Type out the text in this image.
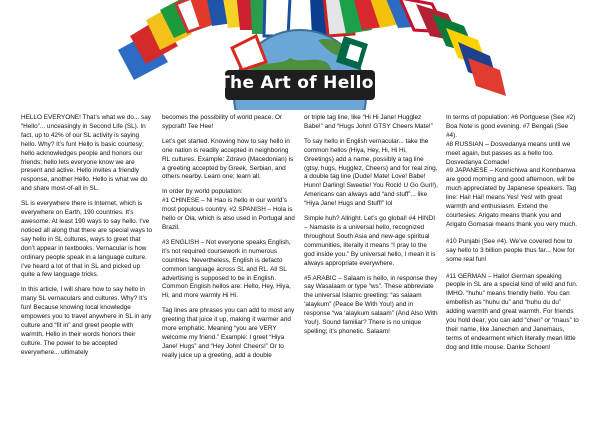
The Art of Hello!

HELLO EVERYONE! That’s what we do... say “Hello”... unceasingly in Second Life (SL). In fact, up to 42% of our SL activity is saying hello. Why? It’s fun! Hello is basic courtesy; hello acknowledges people and honors our friends; hello lets everyone know we are present and active. Hello invites a friendly response, another Hello. Hello is what we do and share most-of-all in SL.

SL is everywhere there is Internet, which is everywhere on Earth, 190 countries. It’s awesome. At least 190 ways to say hello. I’ve noticed all along that there are special ways to say hello in SL cultures, ways to greet that don’t appear in textbooks. Vernacular is how ordinary people speak in a language culture. I’ve heard a lot of that in SL and picked up quite a few language tricks.

In this article, I will share how to say hello in many SL vernaculars and cultures. Why? It’s fun! Because knowing local knowledge empowers you to travel anywhere in SL in any culture and “fit in” and greet people with warmth. Hello in their words honors their culture. The power to be accepted everywhere... ultimately

becomes the possibility of world peace. Or sypcraft! Tee Hee!

Let’s get started. Knowing how to say hello in one nation is readily accepted in neighboring RL cultures. Example: Zdravo (Macedonian) is a greeting accepted by Greek, Serbian, and others nearby. Learn one; learn all.

In order by world population:
#1 CHINESE – Ni Hao is hello in our world’s most populous country. #2 SPANISH – Hola is hello or Ola, which is also used in Portugal and Brazil.

#3 ENGLISH – Not everyone speaks English, it’s not required coursework in numerous countries. Nevertheless, English is defacto common language across SL and RL. All SL advertising is supposed to be in English. Common English hellos are: Hello, Hey, Hiya, Hi, and more warmly Hi Hi.

Tag lines are phrases you can add to most any greeting that juice it up, making it warmer and more emphatic. Meaning “you are VERY welcome my friend.” Example: I greet “Hiya Jane! Hugs” and “Hey John! Cheers!” Or to really juice up a greeting, add a double

or triple tag line, like “Hi Hi Jane! Hugglez Babe!” and “Hugs John! GTSY Cheers Mate!”

To say hello in English vernacular... take the common hellos (Hiya, Hey, Hi, Hi Hi, Greetings) add a name, possibly a tag line (gtsy, hugs, Hugglez, Cheers) and for real zing, a double tag line (Dude! Mate! Love! Babe! Hunn! Darling! Sweetie! You Rock! U Go Gurl!), Americans can always add “and stuff”... like “Hiya Jane! Hugs and Stuff!” lol

Simple huh? Allright. Let’s go global! #4 HINDI – Namaste is a universal hello, recognized throughout South Asia and new-age spiritual communities, literally it means “I pray to the god inside you.” By universal hello, I mean it is always appropriate everywhere.

#5 ARABIC – Salaam is hello, in response they say Wasalaam or type “ws”. These abbreviate the universal Islamic greeting: “as salaam ‘alaykum” (Peace Be With You!) and in response “wa ‘alaykum salaam” (And Also With You!). Sound familiar? There is no unique spelling; it’s phonetic. Salaam!

In terms of population: #6 Portguese (See #2) Boa Note is good evening. #7 Bengali (See #4).
#8 RUSSIAN – Dosvedanya means until we meet again, but passes as a hello too. Dosvedanya Comade!
#9 JAPANESE – Konnichiwa and Konnbanwa are good morning and good afternoon, will be much appreciated by Japanese speakers. Tag line: Hai! Hai! means Yes! Yes! with great warmth and enthusiasm. Extend the courtesies: Arigato means thank you and Arigato Gomasai means thank you very much.

#10 Punjabi (See #4). We’ve covered how to say hello to 3 billion people thus far... Now for some real fun!

#11 GERMAN – Hallo! German speaking people in SL are a special kind of wild and fun. IMHO. “huhu” means friendly hello. You can embellish as “huhu du” and “huhu du du” adding warmth and great warmth. For friends you hold dear, you can add “chen” or “maus” to their name, like Janechen and Janemaus, terms of endearment which literally mean little dog and little mouse. Danke Schoen!
